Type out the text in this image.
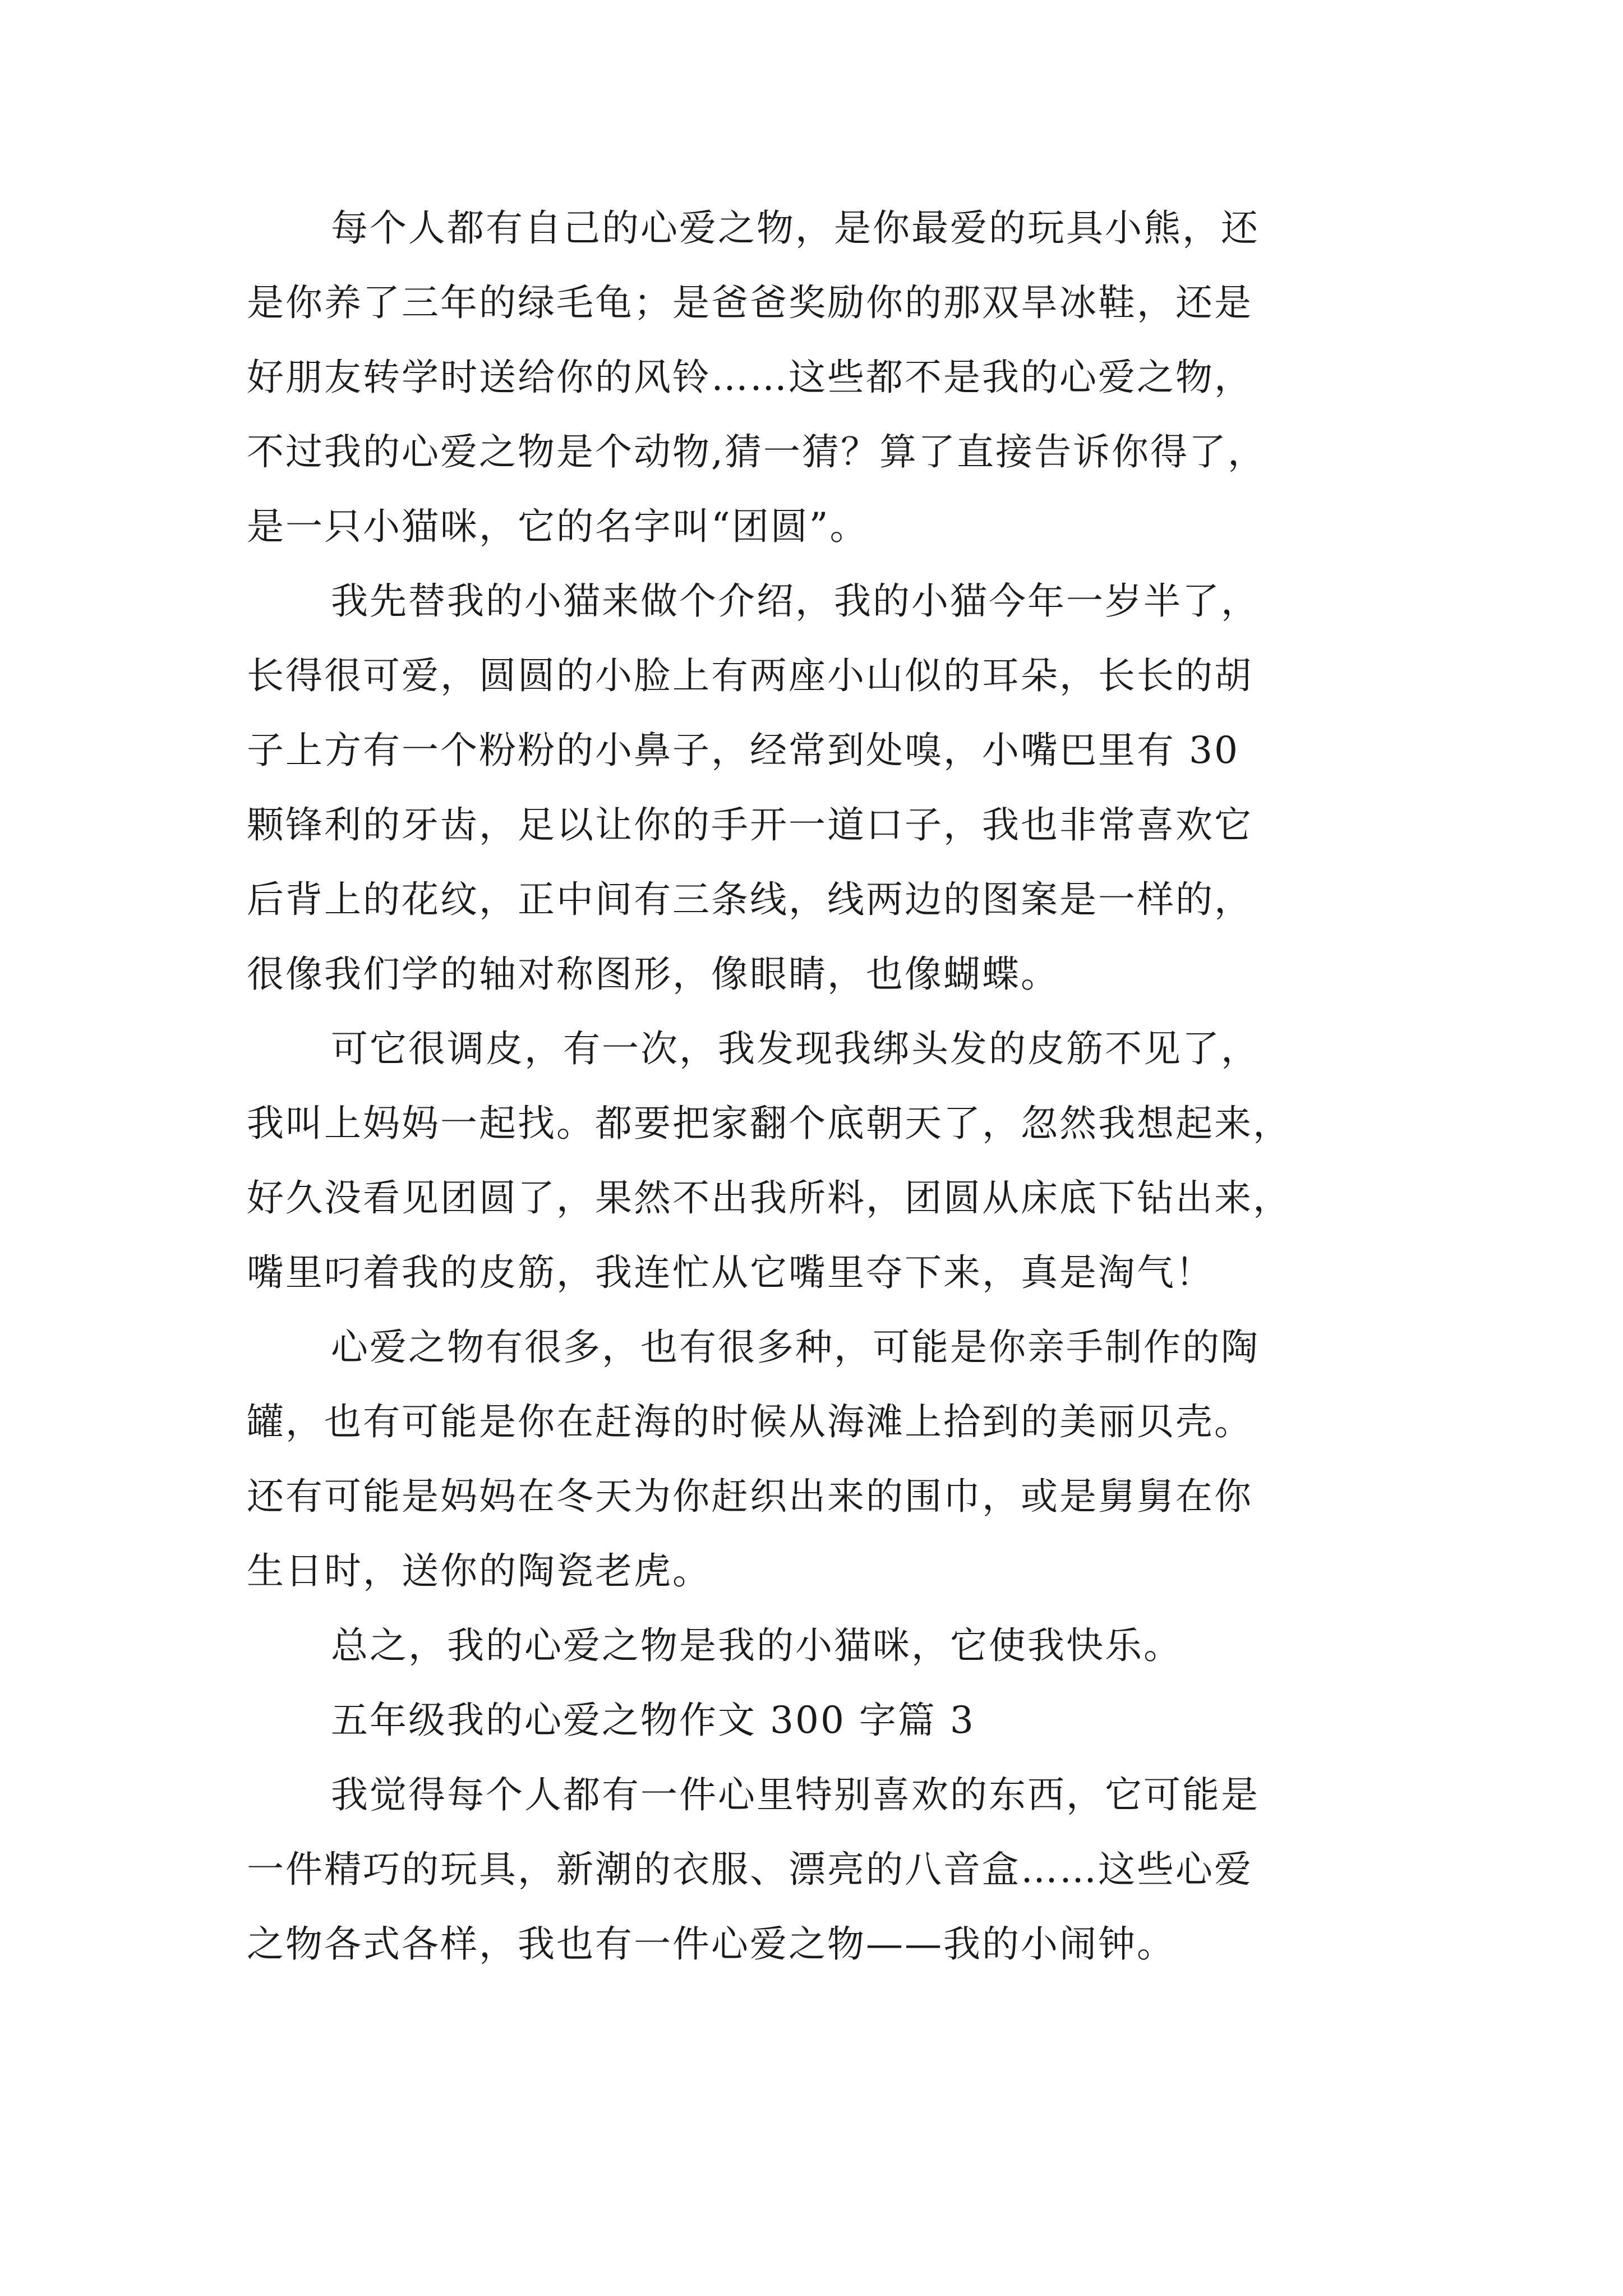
每个人都有自己的心爱之物，是你最爱的玩具小熊，还
是你养了三年的绿毛龟；是爸爸奖励你的那双旱冰鞋，还是
好朋友转学时送给你的风铃……这些都不是我的心爱之物，
不过我的心爱之物是个动物,猜一猜？算了直接告诉你得了，
是一只小猫咪，它的名字叫“团圆”。

我先替我的小猫来做个介绍，我的小猫今年一岁半了，
长得很可爱，圆圆的小脸上有两座小山似的耳朵，长长的胡
子上方有一个粉粉的小鼻子，经常到处嗅，小嘴巴里有 30
颗锋利的牙齿，足以让你的手开一道口子，我也非常喜欢它
后背上的花纹，正中间有三条线，线两边的图案是一样的，
很像我们学的轴对称图形，像眼睛，也像蝴蝶。

可它很调皮，有一次，我发现我绑头发的皮筋不见了，
我叫上妈妈一起找。都要把家翻个底朝天了，忽然我想起来，
好久没看见团圆了，果然不出我所料，团圆从床底下钻出来，
嘴里叼着我的皮筋，我连忙从它嘴里夺下来，真是淘气！

心爱之物有很多，也有很多种，可能是你亲手制作的陶
罐，也有可能是你在赶海的时候从海滩上拾到的美丽贝壳。
还有可能是妈妈在冬天为你赶织出来的围巾，或是舅舅在你
生日时，送你的陶瓷老虎。

总之，我的心爱之物是我的小猫咪，它使我快乐。

五年级我的心爱之物作文 300 字篇 3

我觉得每个人都有一件心里特别喜欢的东西，它可能是
一件精巧的玩具，新潮的衣服、漂亮的八音盒……这些心爱
之物各式各样，我也有一件心爱之物——我的小闹钟。
